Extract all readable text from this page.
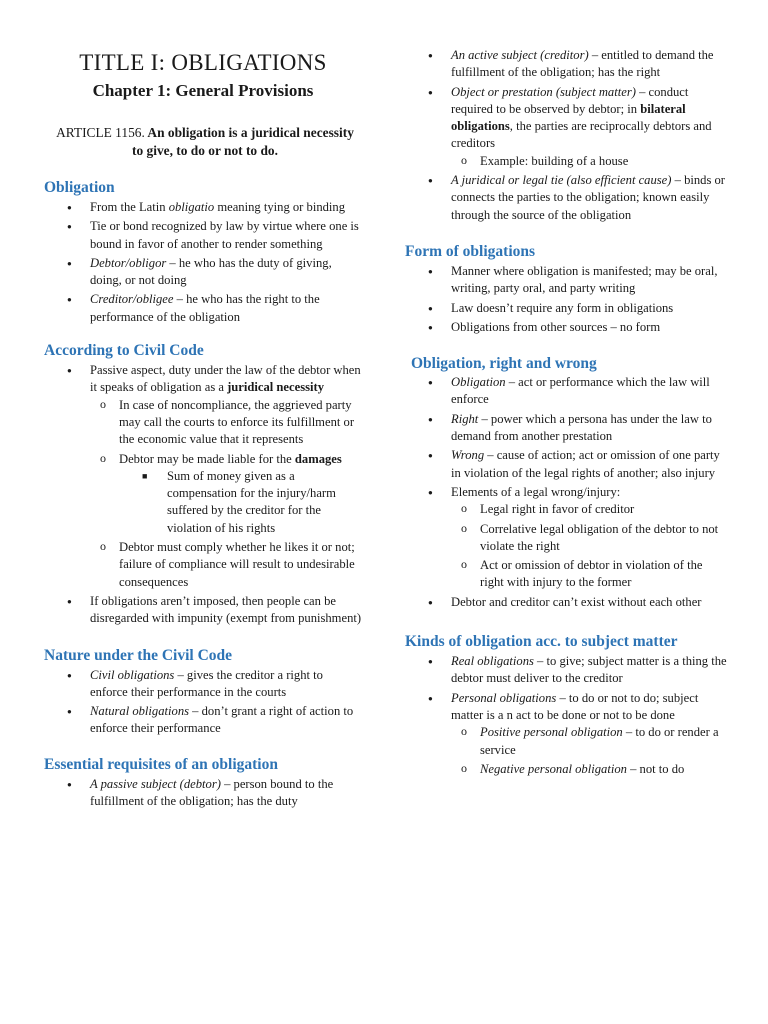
TITLE I: OBLIGATIONS
Chapter 1: General Provisions
ARTICLE 1156. An obligation is a juridical necessity to give, to do or not to do.
Obligation
● From the Latin obligatio meaning tying or binding
● Tie or bond recognized by law by virtue where one is bound in favor of another to render something
● Debtor/obligor – he who has the duty of giving, doing, or not doing
● Creditor/obligee – he who has the right to the performance of the obligation
According to Civil Code
● Passive aspect, duty under the law of the debtor when it speaks of obligation as a juridical necessity
o In case of noncompliance, the aggrieved party may call the courts to enforce its fulfillment or the economic value that it represents
o Debtor may be made liable for the damages
■ Sum of money given as a compensation for the injury/harm suffered by the creditor for the violation of his rights
o Debtor must comply whether he likes it or not; failure of compliance will result to undesirable consequences
● If obligations aren’t imposed, then people can be disregarded with impunity (exempt from punishment)
Nature under the Civil Code
● Civil obligations – gives the creditor a right to enforce their performance in the courts
● Natural obligations – don’t grant a right of action to enforce their performance
Essential requisites of an obligation
● A passive subject (debtor) – person bound to the fulfillment of the obligation; has the duty
● An active subject (creditor) – entitled to demand the fulfillment of the obligation; has the right
● Object or prestation (subject matter) – conduct required to be observed by debtor; in bilateral obligations, the parties are reciprocally debtors and creditors
o Example: building of a house
● A juridical or legal tie (also efficient cause) – binds or connects the parties to the obligation; known easily through the source of the obligation
Form of obligations
● Manner where obligation is manifested; may be oral, writing, party oral, and party writing
● Law doesn’t require any form in obligations
● Obligations from other sources – no form
Obligation, right and wrong
● Obligation – act or performance which the law will enforce
● Right – power which a persona has under the law to demand from another prestation
● Wrong – cause of action; act or omission of one party in violation of the legal rights of another; also injury
● Elements of a legal wrong/injury:
o Legal right in favor of creditor
o Correlative legal obligation of the debtor to not violate the right
o Act or omission of debtor in violation of the right with injury to the former
● Debtor and creditor can’t exist without each other
Kinds of obligation acc. to subject matter
● Real obligations – to give; subject matter is a thing the debtor must deliver to the creditor
● Personal obligations – to do or not to do; subject matter is a n act to be done or not to be done
o Positive personal obligation – to do or render a service
o Negative personal obligation – not to do
